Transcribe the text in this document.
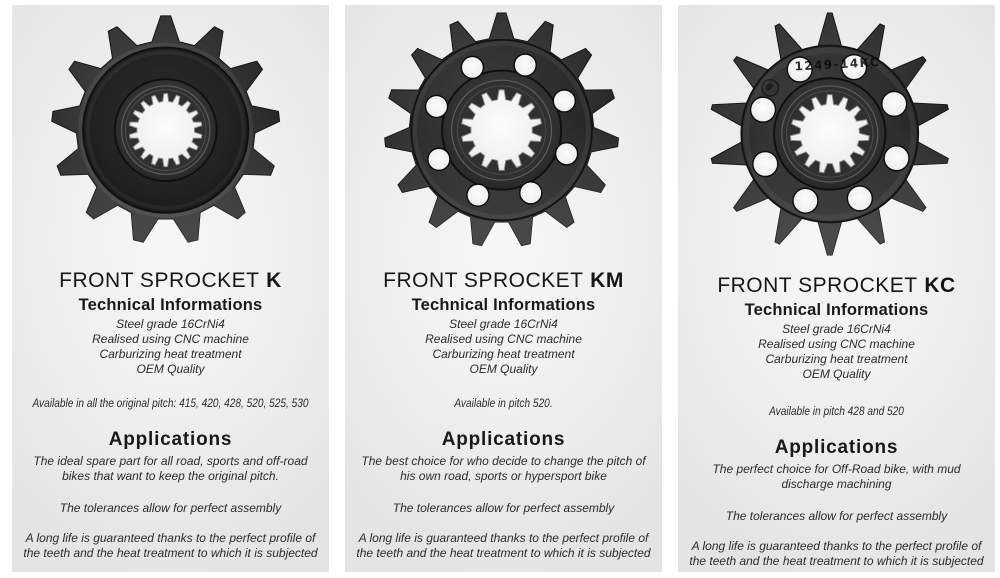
FRONT SPROCKET K
Technical Informations

Steel grade 16CrNi4

Realised using CNC machine

Carburizing heat treatment

OEM Quality

Available in all the original pitch: 415, 420, 428, 520, 525, 530

Applications

The ideal spare part for all road, sports and off-road bikes that want to keep the original pitch.

The tolerances allow for perfect assembly

A long life is guaranteed thanks to the perfect profile of the teeth and the heat treatment to which it is subjected

FRONT SPROCKET KM
Technical Informations

Steel grade 16CrNi4

Realised using CNC machine

Carburizing heat treatment

OEM Quality

Available in pitch 520.

Applications

The best choice for who decide to change the pitch of his own road, sports or hypersport bike

The tolerances allow for perfect assembly

A long life is guaranteed thanks to the perfect profile of the teeth and the heat treatment to which it is subjected

1249-14KC
FRONT SPROCKET KC
Technical Informations

Steel grade 16CrNi4

Realised using CNC machine

Carburizing heat treatment

OEM Quality

Available in pitch 428 and 520

Applications

The perfect choice for Off-Road bike, with mud discharge machining

The tolerances allow for perfect assembly

A long life is guaranteed thanks to the perfect profile of the teeth and the heat treatment to which it is subjected
